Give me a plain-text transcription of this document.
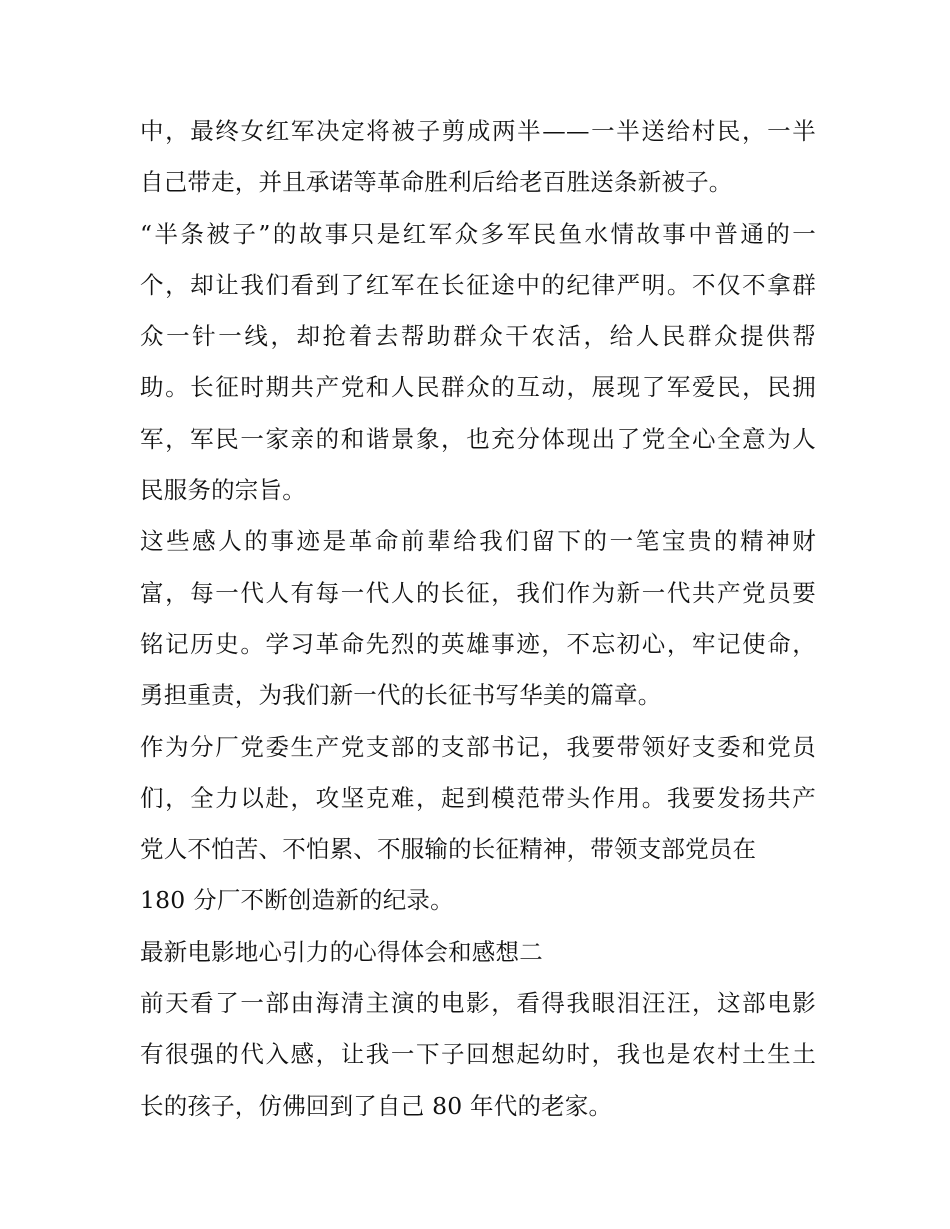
中，最终女红军决定将被子剪成两半——一半送给村民，一半
自己带走，并且承诺等革命胜利后给老百胜送条新被子。
“半条被子”的故事只是红军众多军民鱼水情故事中普通的一
个，却让我们看到了红军在长征途中的纪律严明。不仅不拿群
众一针一线，却抢着去帮助群众干农活，给人民群众提供帮
助。长征时期共产党和人民群众的互动，展现了军爱民，民拥
军，军民一家亲的和谐景象，也充分体现出了党全心全意为人
民服务的宗旨。
这些感人的事迹是革命前辈给我们留下的一笔宝贵的精神财
富，每一代人有每一代人的长征，我们作为新一代共产党员要
铭记历史。学习革命先烈的英雄事迹，不忘初心，牢记使命，
勇担重责，为我们新一代的长征书写华美的篇章。
作为分厂党委生产党支部的支部书记，我要带领好支委和党员
们，全力以赴，攻坚克难，起到模范带头作用。我要发扬共产
党人不怕苦、不怕累、不服输的长征精神，带领支部党员在
180 分厂不断创造新的纪录。
最新电影地心引力的心得体会和感想二
前天看了一部由海清主演的电影，看得我眼泪汪汪，这部电影
有很强的代入感，让我一下子回想起幼时，我也是农村土生土
长的孩子，仿佛回到了自己 80 年代的老家。
